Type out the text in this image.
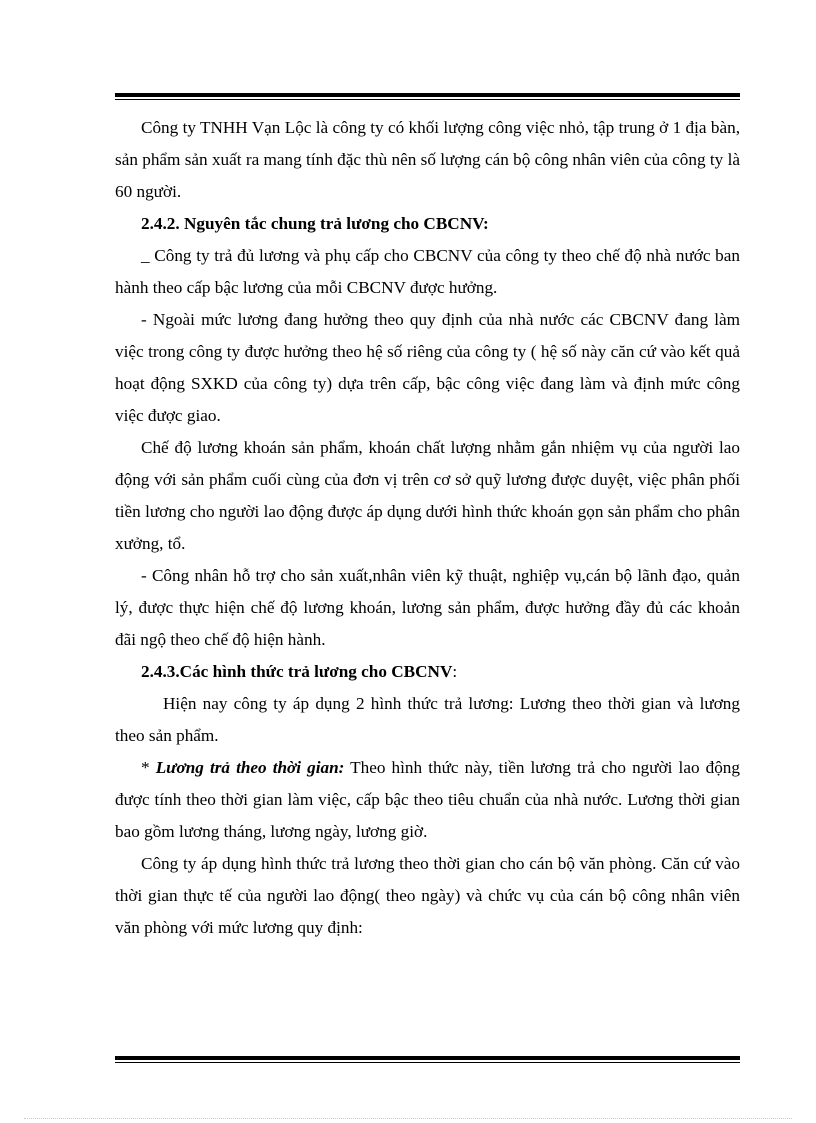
Công ty TNHH Vạn Lộc là công ty có khối lượng công việc nhỏ, tập trung ở 1 địa bàn, sản phẩm sản xuất ra mang tính đặc thù nên số lượng cán bộ công nhân viên của công ty là 60 người.

2.4.2. Nguyên tắc chung trả lương cho CBCNV:

_ Công ty trả đủ lương và phụ cấp cho CBCNV của công ty theo chế độ nhà nước ban hành theo cấp bậc lương của mỗi CBCNV được hưởng.

- Ngoài mức lương đang hưởng theo quy định của nhà nước các CBCNV đang làm việc trong công ty được hưởng theo hệ số riêng của công ty ( hệ số này căn cứ vào kết quả hoạt động SXKD của công ty) dựa trên cấp, bậc công việc đang làm và định mức công việc được giao.

Chế độ lương khoán sản phẩm, khoán chất lượng nhằm gắn nhiệm vụ của người lao động với sản phẩm cuối cùng của đơn vị trên cơ sở quỹ lương được duyệt, việc phân phối tiền lương cho người lao động được áp dụng dưới hình thức khoán gọn sản phẩm cho phân xưởng, tổ.

- Công nhân hỗ trợ cho sản xuất,nhân viên kỹ thuật, nghiệp vụ,cán bộ lãnh đạo, quản lý, được thực hiện chế độ lương khoán, lương sản phẩm, được hưởng đầy đủ các khoản đãi ngộ theo chế độ hiện hành.

2.4.3.Các hình thức trả lương cho CBCNV:

Hiện nay công ty áp dụng 2 hình thức trả lương: Lương theo thời gian và lương theo sản phẩm.

* Lương trả theo thời gian: Theo hình thức này, tiền lương trả cho người lao động được tính theo thời gian làm việc, cấp bậc theo tiêu chuẩn của nhà nước. Lương thời gian bao gồm lương tháng, lương ngày, lương giờ.

Công ty áp dụng hình thức trả lương theo thời gian cho cán bộ văn phòng. Căn cứ vào thời gian thực tế của người lao động( theo ngày) và chức vụ của cán bộ công nhân viên văn phòng với mức lương quy định:
